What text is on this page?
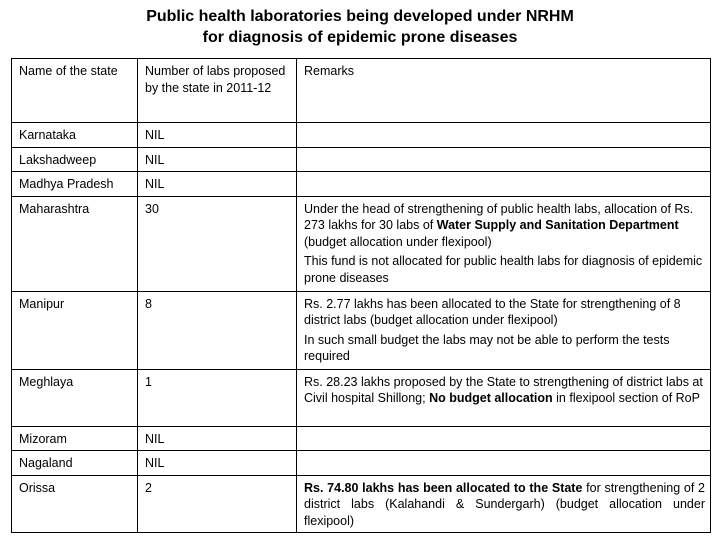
Public health laboratories being developed under NRHM
for diagnosis of epidemic prone diseases
Name of the state	Number of labs proposed by the state in 2011-12	Remarks
Karnataka	NIL	
Lakshadweep	NIL	
Madhya Pradesh	NIL	
Maharashtra	30	Under the head of strengthening of public health labs, allocation of Rs. 273 lakhs for 30 labs of Water Supply and Sanitation Department (budget allocation under flexipool)

This fund is not allocated for public health labs for diagnosis of epidemic prone diseases

Manipur	8	Rs. 2.77 lakhs has been allocated to the State for strengthening of 8 district labs (budget allocation under flexipool)

In such small budget the labs may not be able to perform the tests required

Meghlaya	1	Rs. 28.23 lakhs proposed by the State to strengthening of district labs at Civil hospital Shillong; No budget allocation in flexipool section of RoP

Mizoram	NIL	
Nagaland	NIL	
Orissa	2	Rs. 74.80 lakhs has been allocated to the State for strengthening of 2 district labs (Kalahandi & Sundergarh) (budget allocation under flexipool)
